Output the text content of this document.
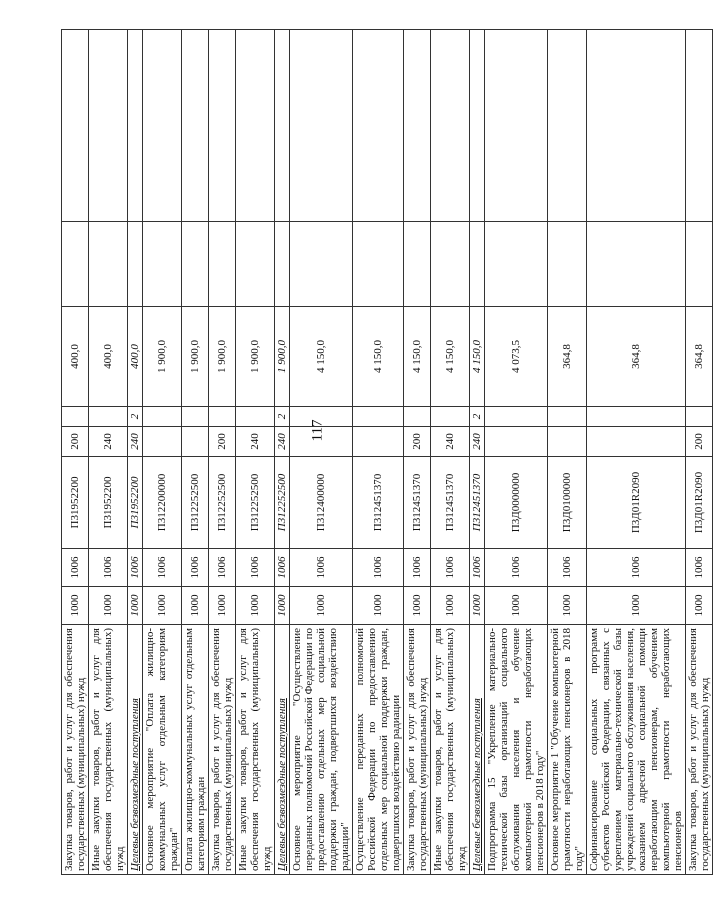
117
Закупка товаров, работ и услуг для обеспечения государственных (муниципальных) нужд	1000	1006	П31952200	200		400,0		
Иные закупки товаров, работ и услуг для обеспечения государственных (муниципальных) нужд	1000	1006	П31952200	240		400,0		
Целевые безвозмездные поступления	1000	1006	П31952200	240	2	400,0		
Основное мероприятие "Оплата жилищно-коммунальных услуг отдельным категориям граждан"	1000	1006	П312200000			1 900,0		
Оплата жилищно-коммунальных услуг отдельным категориям граждан	1000	1006	П312252500			1 900,0		
Закупка товаров, работ и услуг для обеспечения государственных (муниципальных) нужд	1000	1006	П312252500	200		1 900,0		
Иные закупки товаров, работ и услуг для обеспечения государственных (муниципальных) нужд	1000	1006	П312252500	240		1 900,0		
Целевые безвозмездные поступления	1000	1006	П312252500	240	2	1 900,0		
Основное мероприятие "Осуществление переданных полномочий Российской Федерации по предоставлению отдельных мер социальной поддержки граждан, подвергшихся воздействию радиации"	1000	1006	П312400000			4 150,0		
Осуществление переданных полномочий Российской Федерации по предоставлению отдельных мер социальной поддержки граждан, подвергшихся воздействию радиации	1000	1006	П312451370			4 150,0		
Закупка товаров, работ и услуг для обеспечения государственных (муниципальных) нужд	1000	1006	П312451370	200		4 150,0		
Иные закупки товаров, работ и услуг для обеспечения государственных (муниципальных) нужд	1000	1006	П312451370	240		4 150,0		
Целевые безвозмездные поступления	1000	1006	П312451370	240	2	4 150,0		
Подпрограмма 15 "Укрепление материально-технической базы организаций социального обслуживания населения и обучение компьютерной грамотности неработающих пенсионеров в 2018 году"	1000	1006	П3Д0000000			4 073,5		
Основное мероприятие 1 "Обучение компьютерной грамотности неработающих пенсионеров в 2018 году"	1000	1006	П3Д0100000			364,8		
Софинансирование социальных программ субъектов Российской Федерации, связанных с укреплением материально-технической базы учреждений социального обслуживания населения, оказанием адресной социальной помощи неработающим пенсионерам, обучением компьютерной грамотности неработающих пенсионеров	1000	1006	П3Д01R2090			364,8		
Закупка товаров, работ и услуг для обеспечения государственных (муниципальных) нужд	1000	1006	П3Д01R2090	200		364,8		
